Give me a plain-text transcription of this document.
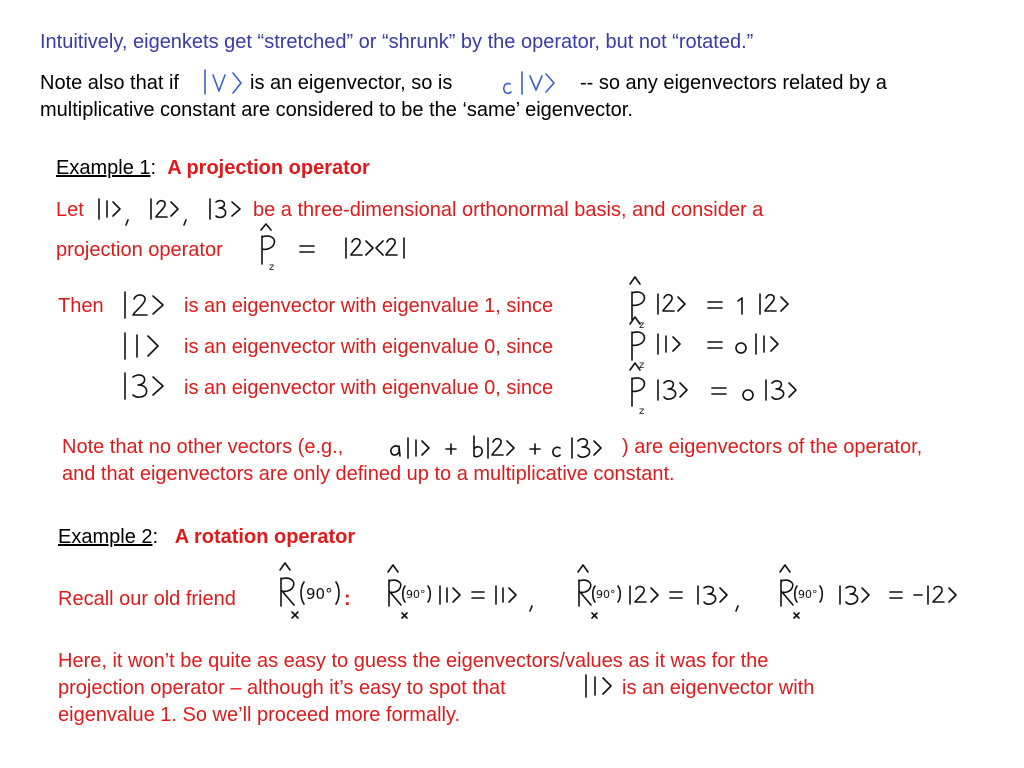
Intuitively, eigenkets get “stretched” or “shrunk” by the operator, but not “rotated.”
Note also that if	is an eigenvector, so is	-- so any eigenvectors related by a
multiplicative constant are considered to be the ‘same’ eigenvector.
Example 1: A projection operator
Let	be a three-dimensional orthonormal basis, and consider a
projection operator
z
Then	is an eigenvector with eigenvalue 1, since
z
is an eigenvector with eigenvalue 0, since
z
is an eigenvector with eigenvalue 0, since
z
Note that no other vectors (e.g.,	) are eigenvectors of the operator,
and that eigenvectors are only defined up to a multiplicative constant.
Example 2: A rotation operator
Recall our old friend	90° :	90°	90°	90°
Here, it won’t be quite as easy to guess the eigenvectors/values as it was for the
projection operator – although it’s easy to spot that	is an eigenvector with
eigenvalue 1. So we’ll proceed more formally.
